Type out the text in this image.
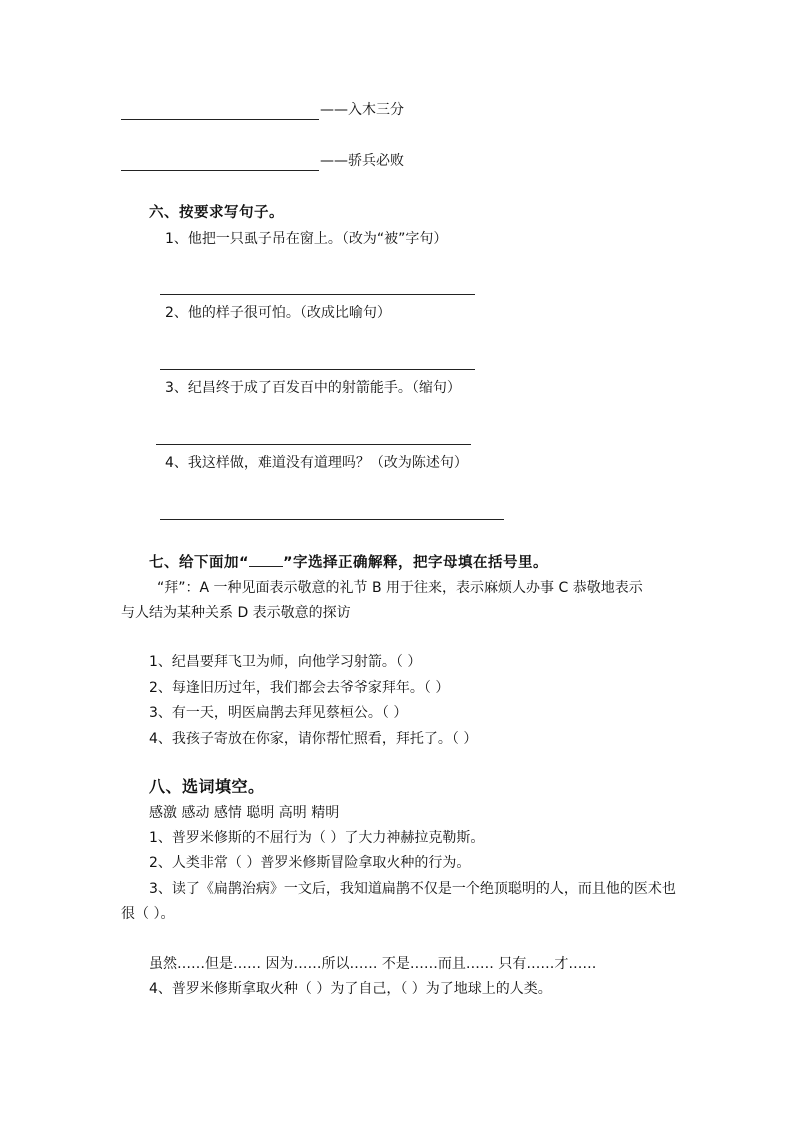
——入木三分
——骄兵必败
六、按要求写句子。
1、他把一只虱子吊在窗上。（改为“被”字句）
2、他的样子很可怕。（改成比喻句）
3、纪昌终于成了百发百中的射箭能手。（缩句）
4、我这样做，难道没有道理吗？（改为陈述句）
七、给下面加“ ”字选择正确解释，把字母填在括号里。
“拜”：A 一种见面表示敬意的礼节 B 用于往来，表示麻烦人办事 C 恭敬地表示
与人结为某种关系 D 表示敬意的探访
1、纪昌要拜飞卫为师，向他学习射箭。（ ）
2、每逢旧历过年，我们都会去爷爷家拜年。（ ）
3、有一天，明医扁鹊去拜见蔡桓公。（ ）
4、我孩子寄放在你家，请你帮忙照看，拜托了。（ ）
八、选词填空。
感激 感动 感情 聪明 高明 精明
1、普罗米修斯的不屈行为（ ）了大力神赫拉克勒斯。
2、人类非常（ ）普罗米修斯冒险拿取火种的行为。
3、读了《扁鹊治病》一文后，我知道扁鹊不仅是一个绝顶聪明的人，而且他的医术也
很（ ）。
虽然……但是…… 因为……所以…… 不是……而且…… 只有……才……
4、普罗米修斯拿取火种（ ）为了自己，（ ）为了地球上的人类。
